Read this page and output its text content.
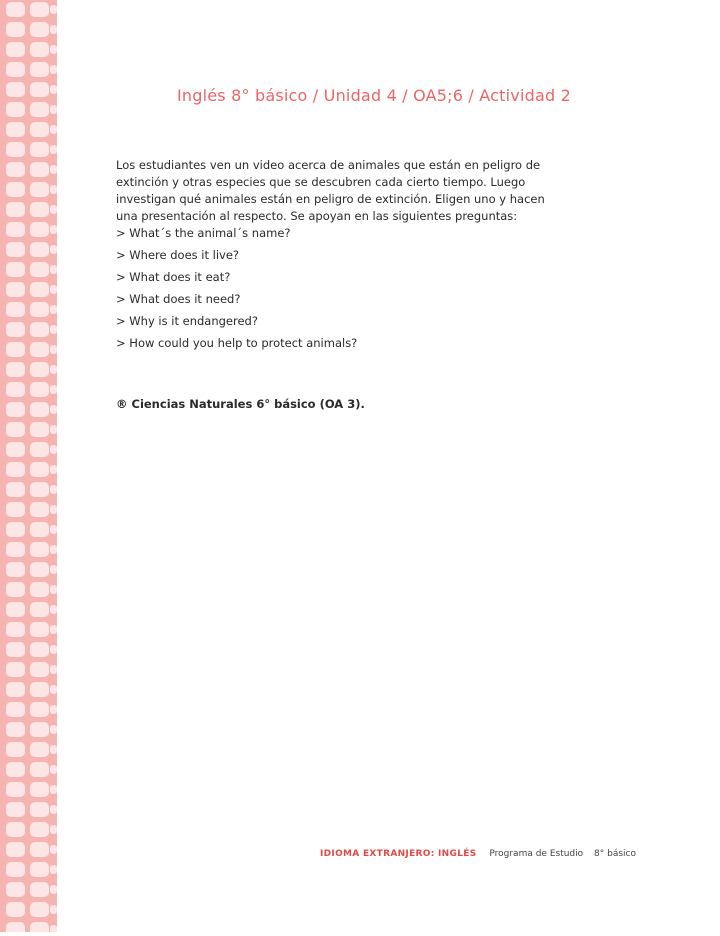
Inglés 8° básico / Unidad 4 / OA5;6 / Actividad 2

Los estudiantes ven un video acerca de animales que están en peligro de extinción y otras especies que se descubren cada cierto tiempo. Luego investigan qué animales están en peligro de extinción. Eligen uno y hacen una presentación al respecto. Se apoyan en las siguientes preguntas:

> What´s the animal´s name?
> Where does it live?
> What does it eat?
> What does it need?
> Why is it endangered?
> How could you help to protect animals?
® Ciencias Naturales 6° básico (OA 3).
IDIOMA EXTRANJERO: INGLÉS Programa de Estudio 8° básico
